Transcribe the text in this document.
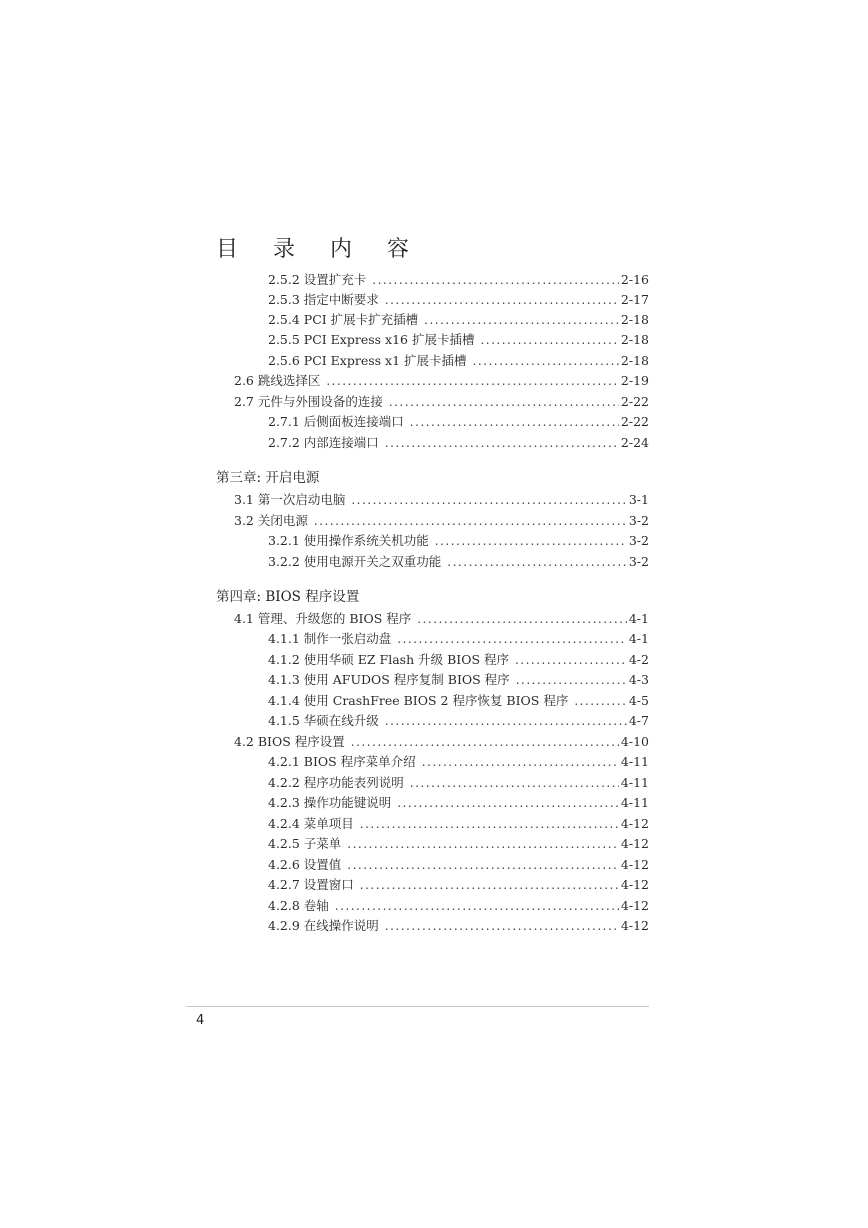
目 录 内 容
2.5.2 设置扩充卡 .....	2-16
2.5.3 指定中断要求 .....	2-17
2.5.4 PCI 扩展卡扩充插槽 .....	2-18
2.5.5 PCI Express x16 扩展卡插槽 .....	2-18
2.5.6 PCI Express x1 扩展卡插槽 .....	2-18
2.6 跳线选择区 .....	2-19
2.7 元件与外围设备的连接 .....	2-22
2.7.1 后侧面板连接端口 .....	2-22
2.7.2 内部连接端口 .....	2-24
第三章: 开启电源
3.1 第一次启动电脑 .....	3-1
3.2 关闭电源 .....	3-2
3.2.1 使用操作系统关机功能 .....	3-2
3.2.2 使用电源开关之双重功能 .....	3-2
第四章: BIOS 程序设置
4.1 管理、升级您的 BIOS 程序 .....	4-1
4.1.1 制作一张启动盘 .....	4-1
4.1.2 使用华硕 EZ Flash 升级 BIOS 程序 .....	4-2
4.1.3 使用 AFUDOS 程序复制 BIOS 程序 .....	4-3
4.1.4 使用 CrashFree BIOS 2 程序恢复 BIOS 程序 .....	4-5
4.1.5 华硕在线升级 .....	4-7
4.2 BIOS 程序设置 .....	4-10
4.2.1 BIOS 程序菜单介绍 .....	4-11
4.2.2 程序功能表列说明 .....	4-11
4.2.3 操作功能键说明 .....	4-11
4.2.4 菜单项目 .....	4-12
4.2.5 子菜单 .....	4-12
4.2.6 设置值 .....	4-12
4.2.7 设置窗口 .....	4-12
4.2.8 卷轴 .....	4-12
4.2.9 在线操作说明 .....	4-12
4
